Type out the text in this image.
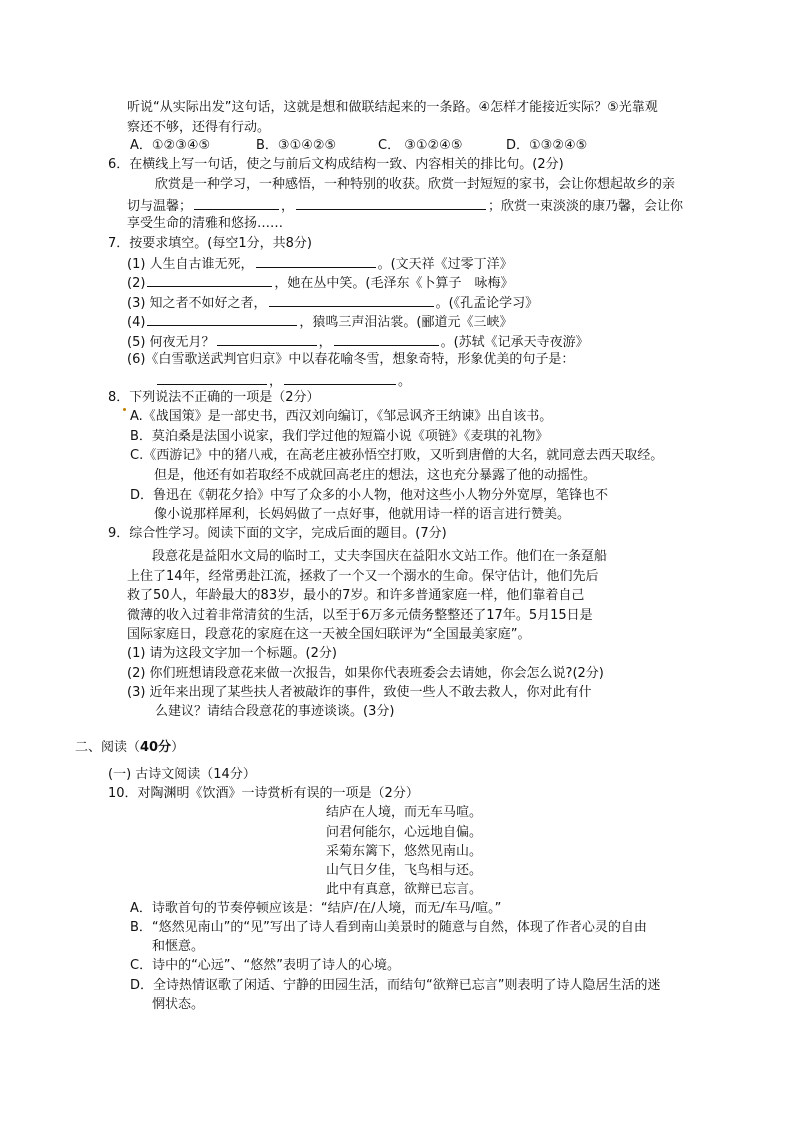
听说“从实际出发”这句话，这就是想和做联结起来的一条路。④怎样才能接近实际？⑤光靠观
察还不够，还得有行动。
A．①②③④⑤	B．③①④②⑤	C． ③①②④⑤	D．①③②④⑤
6．在横线上写一句话，使之与前后文构成结构一致、内容相关的排比句。(2分)
欣赏是一种学习，一种感悟，一种特别的收获。欣赏一封短短的家书，会让你想起故乡的亲
切与温馨；	，	；欣赏一束淡淡的康乃馨，会让你
享受生命的清雅和悠扬……
7．按要求填空。(每空1分，共8分)
(1) 人生自古谁无死，	。(文天祥《过零丁洋》
(2)	，她在丛中笑。(毛泽东《卜算子　咏梅》
(3) 知之者不如好之者，	。(《孔孟论学习》
(4)	，猿鸣三声泪沾裳。(郦道元《三峡》
(5) 何夜无月？	，	。(苏轼《记承天寺夜游》
(6)《白雪歌送武判官归京》中以春花喻冬雪，想象奇特，形象优美的句子是：
，	。
8．下列说法不正确的一项是（2分）
A.《战国策》是一部史书，西汉刘向编订，《邹忌讽齐王纳谏》出自该书。
B．莫泊桑是法国小说家，我们学过他的短篇小说《项链》《麦琪的礼物》
C.《西游记》中的猪八戒，在高老庄被孙悟空打败，又听到唐僧的大名，就同意去西天取经。
但是，他还有如若取经不成就回高老庄的想法，这也充分暴露了他的动摇性。
D．鲁迅在《朝花夕拾》中写了众多的小人物，他对这些小人物分外宽厚，笔锋也不
像小说那样犀利，长妈妈做了一点好事，他就用诗一样的语言进行赞美。
9．综合性学习。阅读下面的文字，完成后面的题目。(7分)
段意花是益阳水文局的临时工，丈夫李国庆在益阳水文站工作。他们在一条趸船
上住了14年，经常勇赴江流，拯救了一个又一个溺水的生命。保守估计，他们先后
救了50人，年龄最大的83岁，最小的7岁。和许多普通家庭一样，他们靠着自己
微薄的收入过着非常清贫的生活，以至于6万多元债务整整还了17年。5月15日是
国际家庭日，段意花的家庭在这一天被全国妇联评为“全国最美家庭”。
(1) 请为这段文字加一个标题。(2分)
(2) 你们班想请段意花来做一次报告，如果你代表班委会去请她，你会怎么说?(2分)
(3) 近年来出现了某些扶人者被敲诈的事件，致使一些人不敢去救人，你对此有什
么建议？请结合段意花的事迹谈谈。(3分)
二、阅读（40分）
(一) 古诗文阅读（14分）
10．对陶渊明《饮酒》一诗赏析有误的一项是（2分）
结庐在人境，而无车马喧。
问君何能尔，心远地自偏。
采菊东篱下，悠然见南山。
山气日夕佳，飞鸟相与还。
此中有真意，欲辩已忘言。
A．诗歌首句的节奏停顿应该是：“结庐/在/人境，而无/车马/喧。”
B．“悠然见南山”的“见”写出了诗人看到南山美景时的随意与自然，体现了作者心灵的自由
和惬意。
C．诗中的“心远”、“悠然”表明了诗人的心境。
D．全诗热情讴歌了闲适、宁静的田园生活，而结句“欲辩已忘言”则表明了诗人隐居生活的迷
惘状态。
